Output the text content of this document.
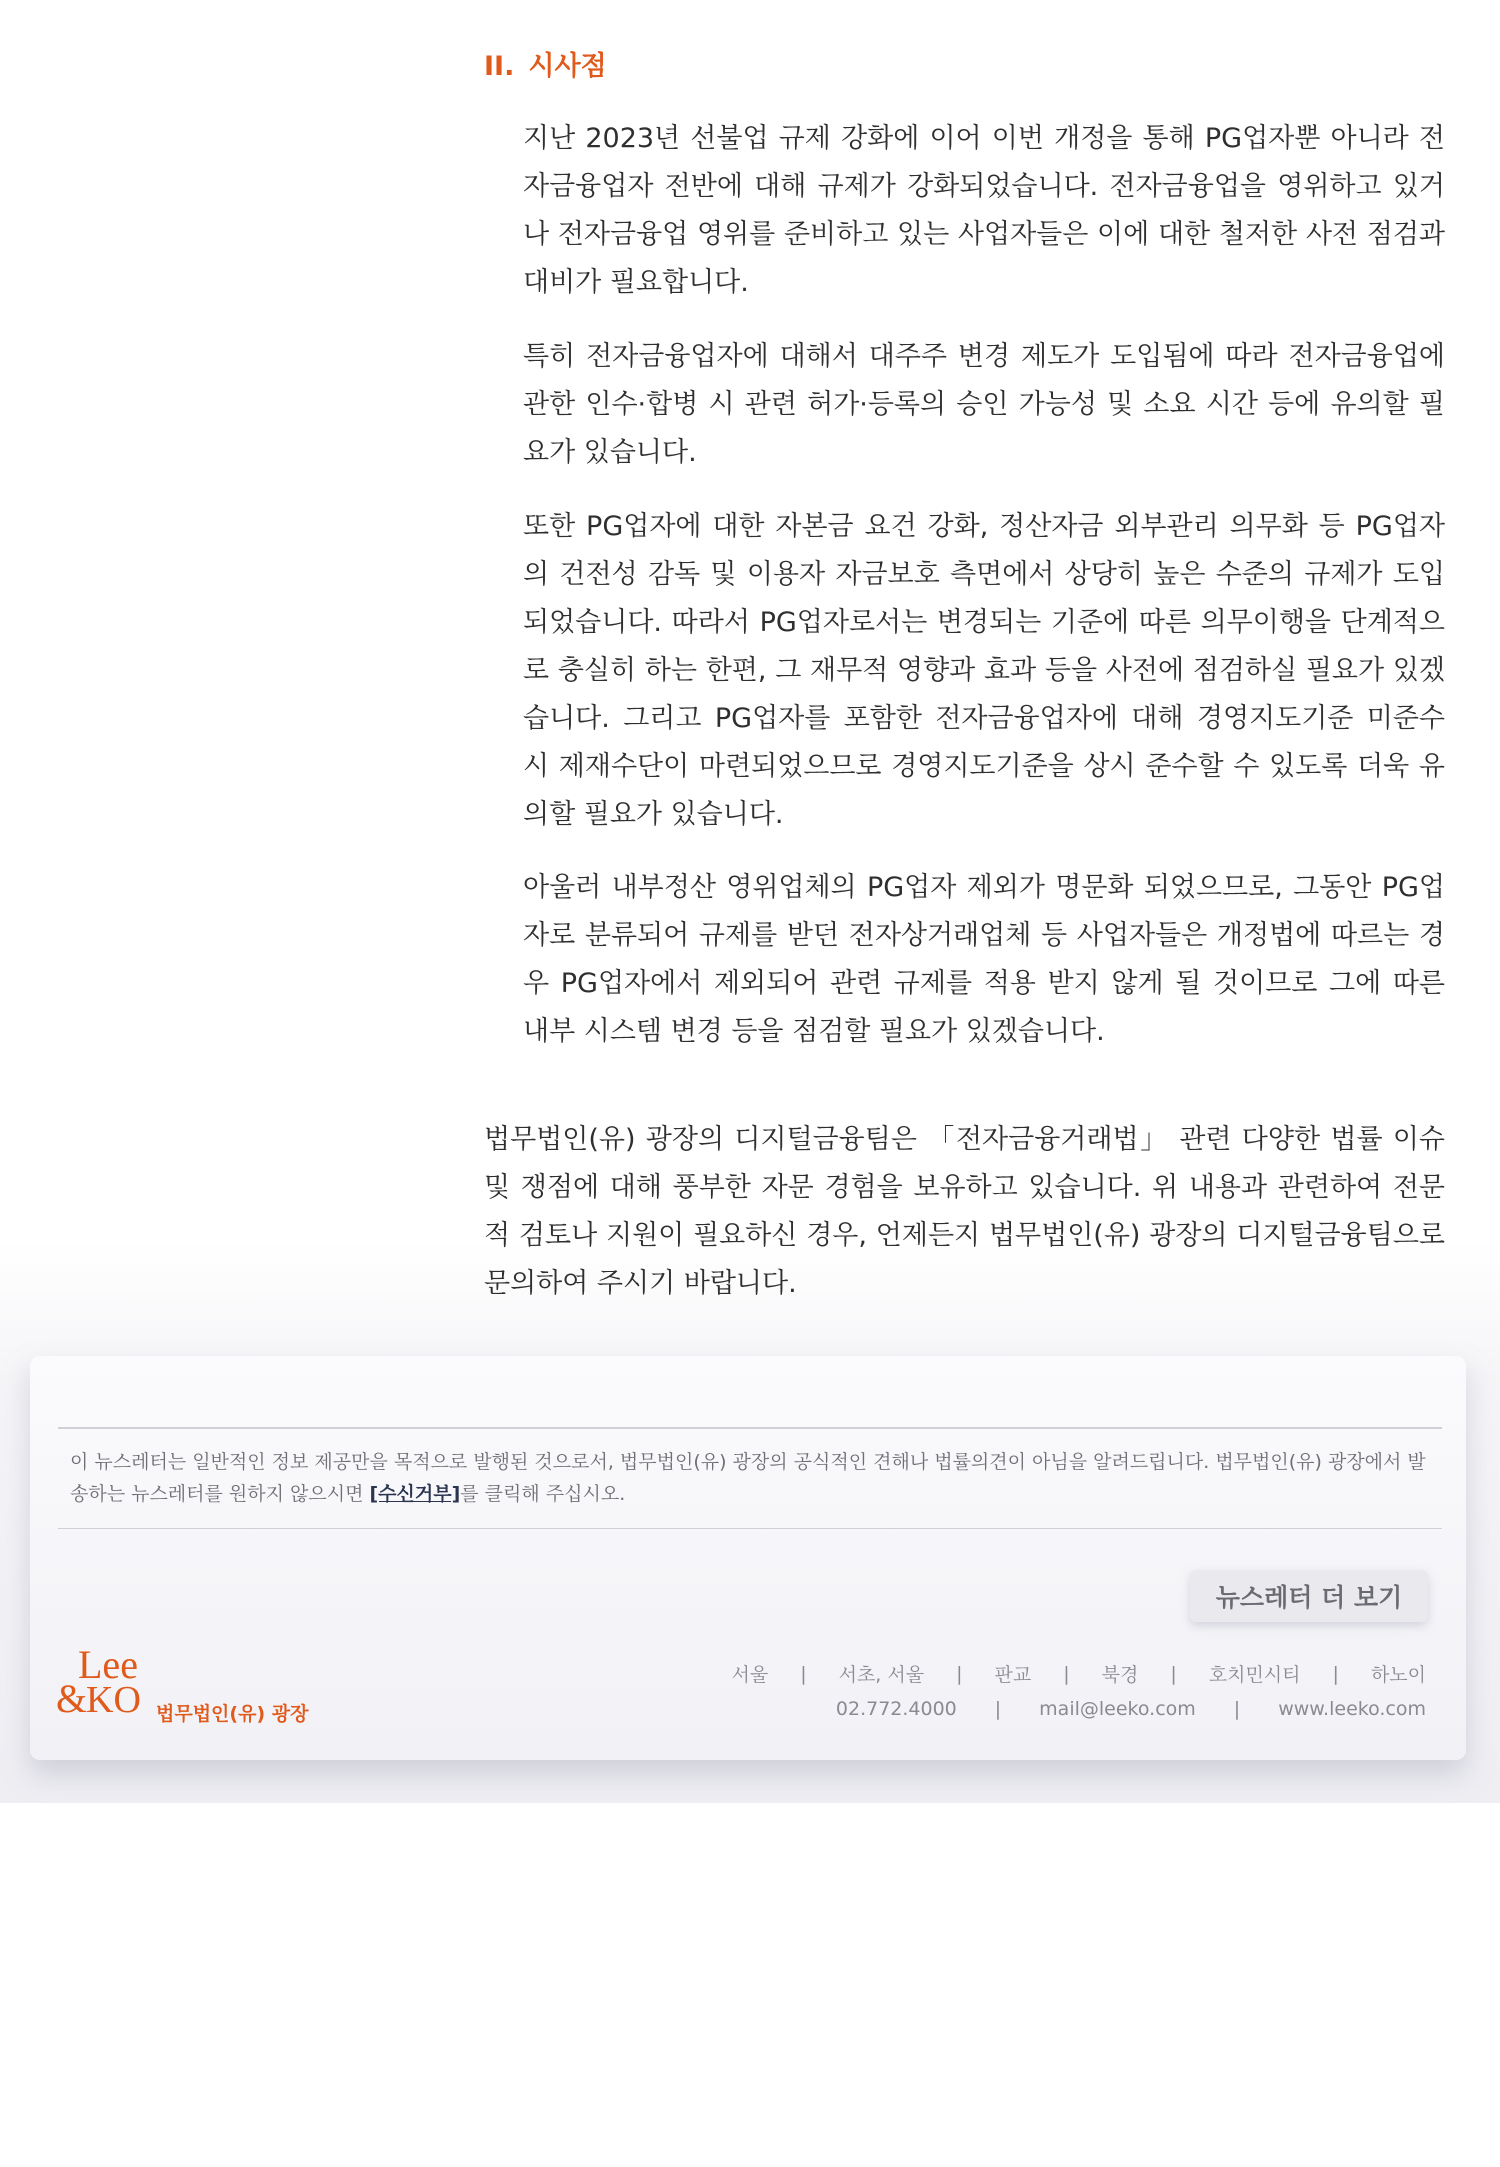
II. 시사점

지난 2023년 선불업 규제 강화에 이어 이번 개정을 통해 PG업자뿐 아니라 전자금융업자 전반에 대해 규제가 강화되었습니다. 전자금융업을 영위하고 있거나 전자금융업 영위를 준비하고 있는 사업자들은 이에 대한 철저한 사전 점검과 대비가 필요합니다.

특히 전자금융업자에 대해서 대주주 변경 제도가 도입됨에 따라 전자금융업에 관한 인수·합병 시 관련 허가·등록의 승인 가능성 및 소요 시간 등에 유의할 필요가 있습니다.

또한 PG업자에 대한 자본금 요건 강화, 정산자금 외부관리 의무화 등 PG업자의 건전성 감독 및 이용자 자금보호 측면에서 상당히 높은 수준의 규제가 도입되었습니다. 따라서 PG업자로서는 변경되는 기준에 따른 의무이행을 단계적으로 충실히 하는 한편, 그 재무적 영향과 효과 등을 사전에 점검하실 필요가 있겠습니다. 그리고 PG업자를 포함한 전자금융업자에 대해 경영지도기준 미준수 시 제재수단이 마련되었으므로 경영지도기준을 상시 준수할 수 있도록 더욱 유의할 필요가 있습니다.

아울러 내부정산 영위업체의 PG업자 제외가 명문화 되었으므로, 그동안 PG업자로 분류되어 규제를 받던 전자상거래업체 등 사업자들은 개정법에 따르는 경우 PG업자에서 제외되어 관련 규제를 적용 받지 않게 될 것이므로 그에 따른 내부 시스템 변경 등을 점검할 필요가 있겠습니다.

법무법인(유) 광장의 디지털금융팀은 「전자금융거래법」 관련 다양한 법률 이슈 및 쟁점에 대해 풍부한 자문 경험을 보유하고 있습니다. 위 내용과 관련하여 전문적 검토나 지원이 필요하신 경우, 언제든지 법무법인(유) 광장의 디지털금융팀으로 문의하여 주시기 바랍니다.

이 뉴스레터는 일반적인 정보 제공만을 목적으로 발행된 것으로서, 법무법인(유) 광장의 공식적인 견해나 법률의견이 아님을 알려드립니다. 법무법인(유) 광장에서 발송하는 뉴스레터를 원하지 않으시면 [수신거부]를 클릭해 주십시오.
뉴스레터 더 보기
Lee
&
KO 법무법인(유) 광장
서울 | 서초, 서울 | 판교 | 북경 | 호치민시티 | 하노이
02.772.4000 | mail@leeko.com | www.leeko.com
